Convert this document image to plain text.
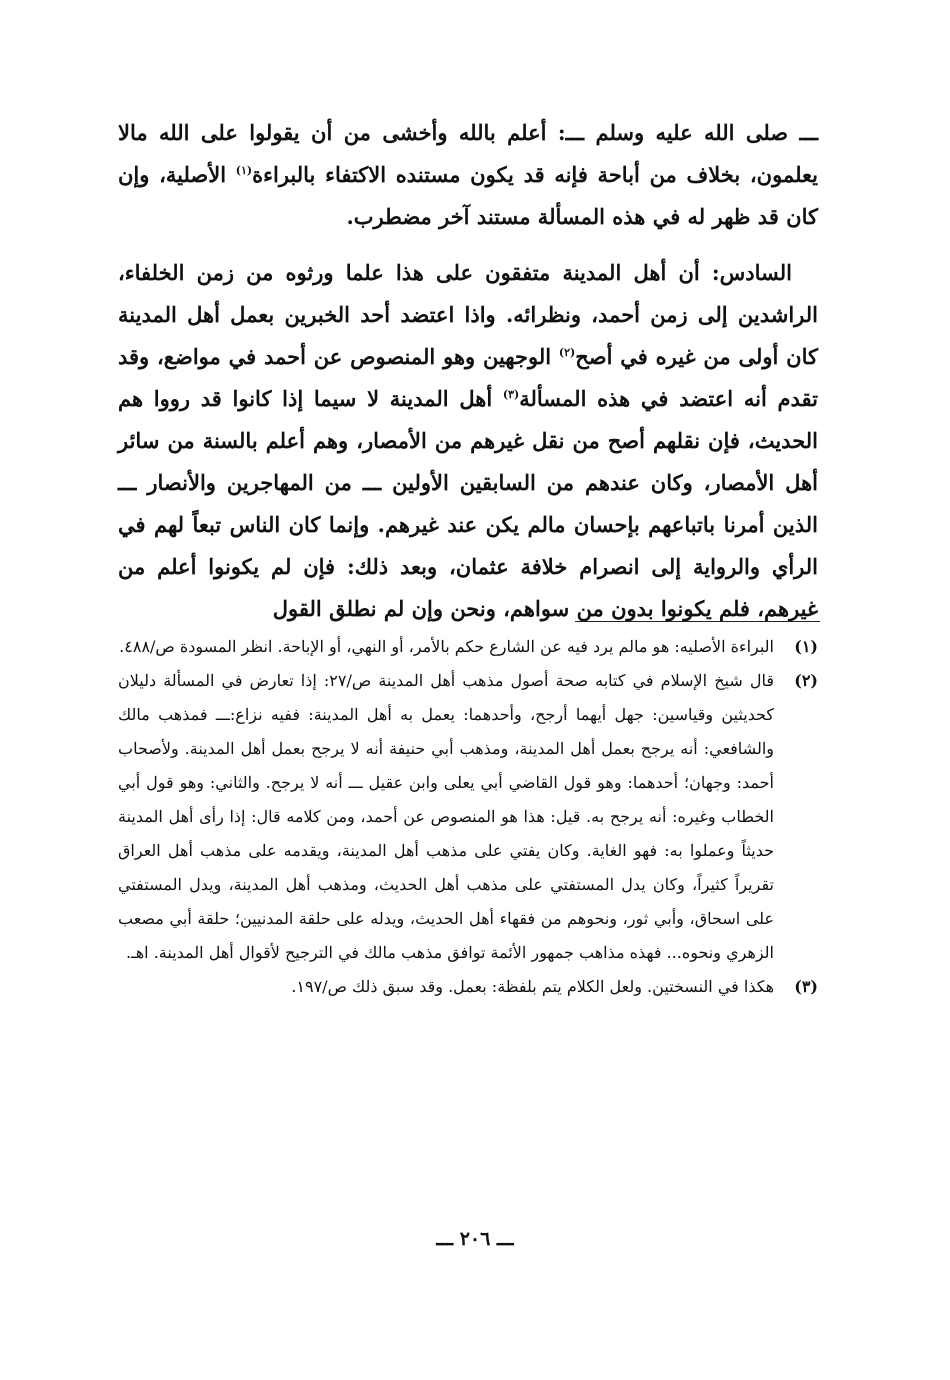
ـــ صلى الله عليه وسلم ـــ: أعلم بالله وأخشى من أن يقولوا على الله مالا يعلمون، بخلاف من أباحة فإنه قد يكون مستنده الاكتفاء بالبراءة$^{(١)}$ الأصلية، وإن كان قد ظهر له في هذه المسألة مستند آخر مضطرب.

السادس: أن أهل المدينة متفقون على هذا علما ورثوه من زمن الخلفاء، الراشدين إلى زمن أحمد، ونظرائه. واذا اعتضد أحد الخبرين بعمل أهل المدينة كان أولى من غيره في أصح$^{(٢)}$ الوجهين وهو المنصوص عن أحمد في مواضع، وقد تقدم أنه اعتضد في هذه المسألة$^{(٣)}$ أهل المدينة لا سيما إذا كانوا قد رووا هم الحديث، فإن نقلهم أصح من نقل غيرهم من الأمصار، وهم أعلم بالسنة من سائر أهل الأمصار، وكان عندهم من السابقين الأولين ـــ من المهاجرين والأنصار ـــ الذين أمرنا باتباعهم بإحسان مالم يكن عند غيرهم. وإنما كان الناس تبعاً لهم في الرأي والرواية إلى انصرام خلافة عثمان، وبعد ذلك: فإن لم يكونوا أعلم من غيرهم، فلم يكونوا بدون من سواهم، ونحن وإن لم نطلق القول

(١)
البراءة الأصليه: هو مالم يرد فيه عن الشارع حكم بالأمر، أو النهي، أو الإباحة. انظر المسودة ص/٤٨٨.
(٢)
قال شيخ الإسلام في كتابه صحة أصول مذهب أهل المدينة ص/٢٧: إذا تعارض في المسألة دليلان كحديثين وقياسين: جهل أيهما أرجح، وأحدهما: يعمل به أهل المدينة: ففيه نزاع:ـــ فمذهب مالك والشافعي: أنه يرجح بعمل أهل المدينة، ومذهب أبي حنيفة أنه لا يرجح بعمل أهل المدينة. ولأصحاب أحمد: وجهان؛ أحدهما: وهو قول القاضي أبي يعلى وابن عقيل ـــ أنه لا يرجح. والثاني: وهو قول أبي الخطاب وغيره: أنه يرجح به. قيل: هذا هو المنصوص عن أحمد، ومن كلامه قال: إذا رأى أهل المدينة حديثاً وعملوا به: فهو الغاية. وكان يفتي على مذهب أهل المدينة، ويقدمه على مذهب أهل العراق تقريراً كثيراً، وكان يدل المستفتي على مذهب أهل الحديث، ومذهب أهل المدينة، ويدل المستفتي على اسحاق، وأبي ثور، ونحوهم من فقهاء أهل الحديث، ويدله على حلقة المدنيين؛ حلقة أبي مصعب الزهري ونحوه... فهذه مذاهب جمهور الأئمة توافق مذهب مالك في الترجيح لأقوال أهل المدينة. اهـ.
(٣)
هكذا في النسختين. ولعل الكلام يتم بلفظة: بعمل. وقد سبق ذلك ص/١٩٧.
ـــ ٢٠٦ ـــ
